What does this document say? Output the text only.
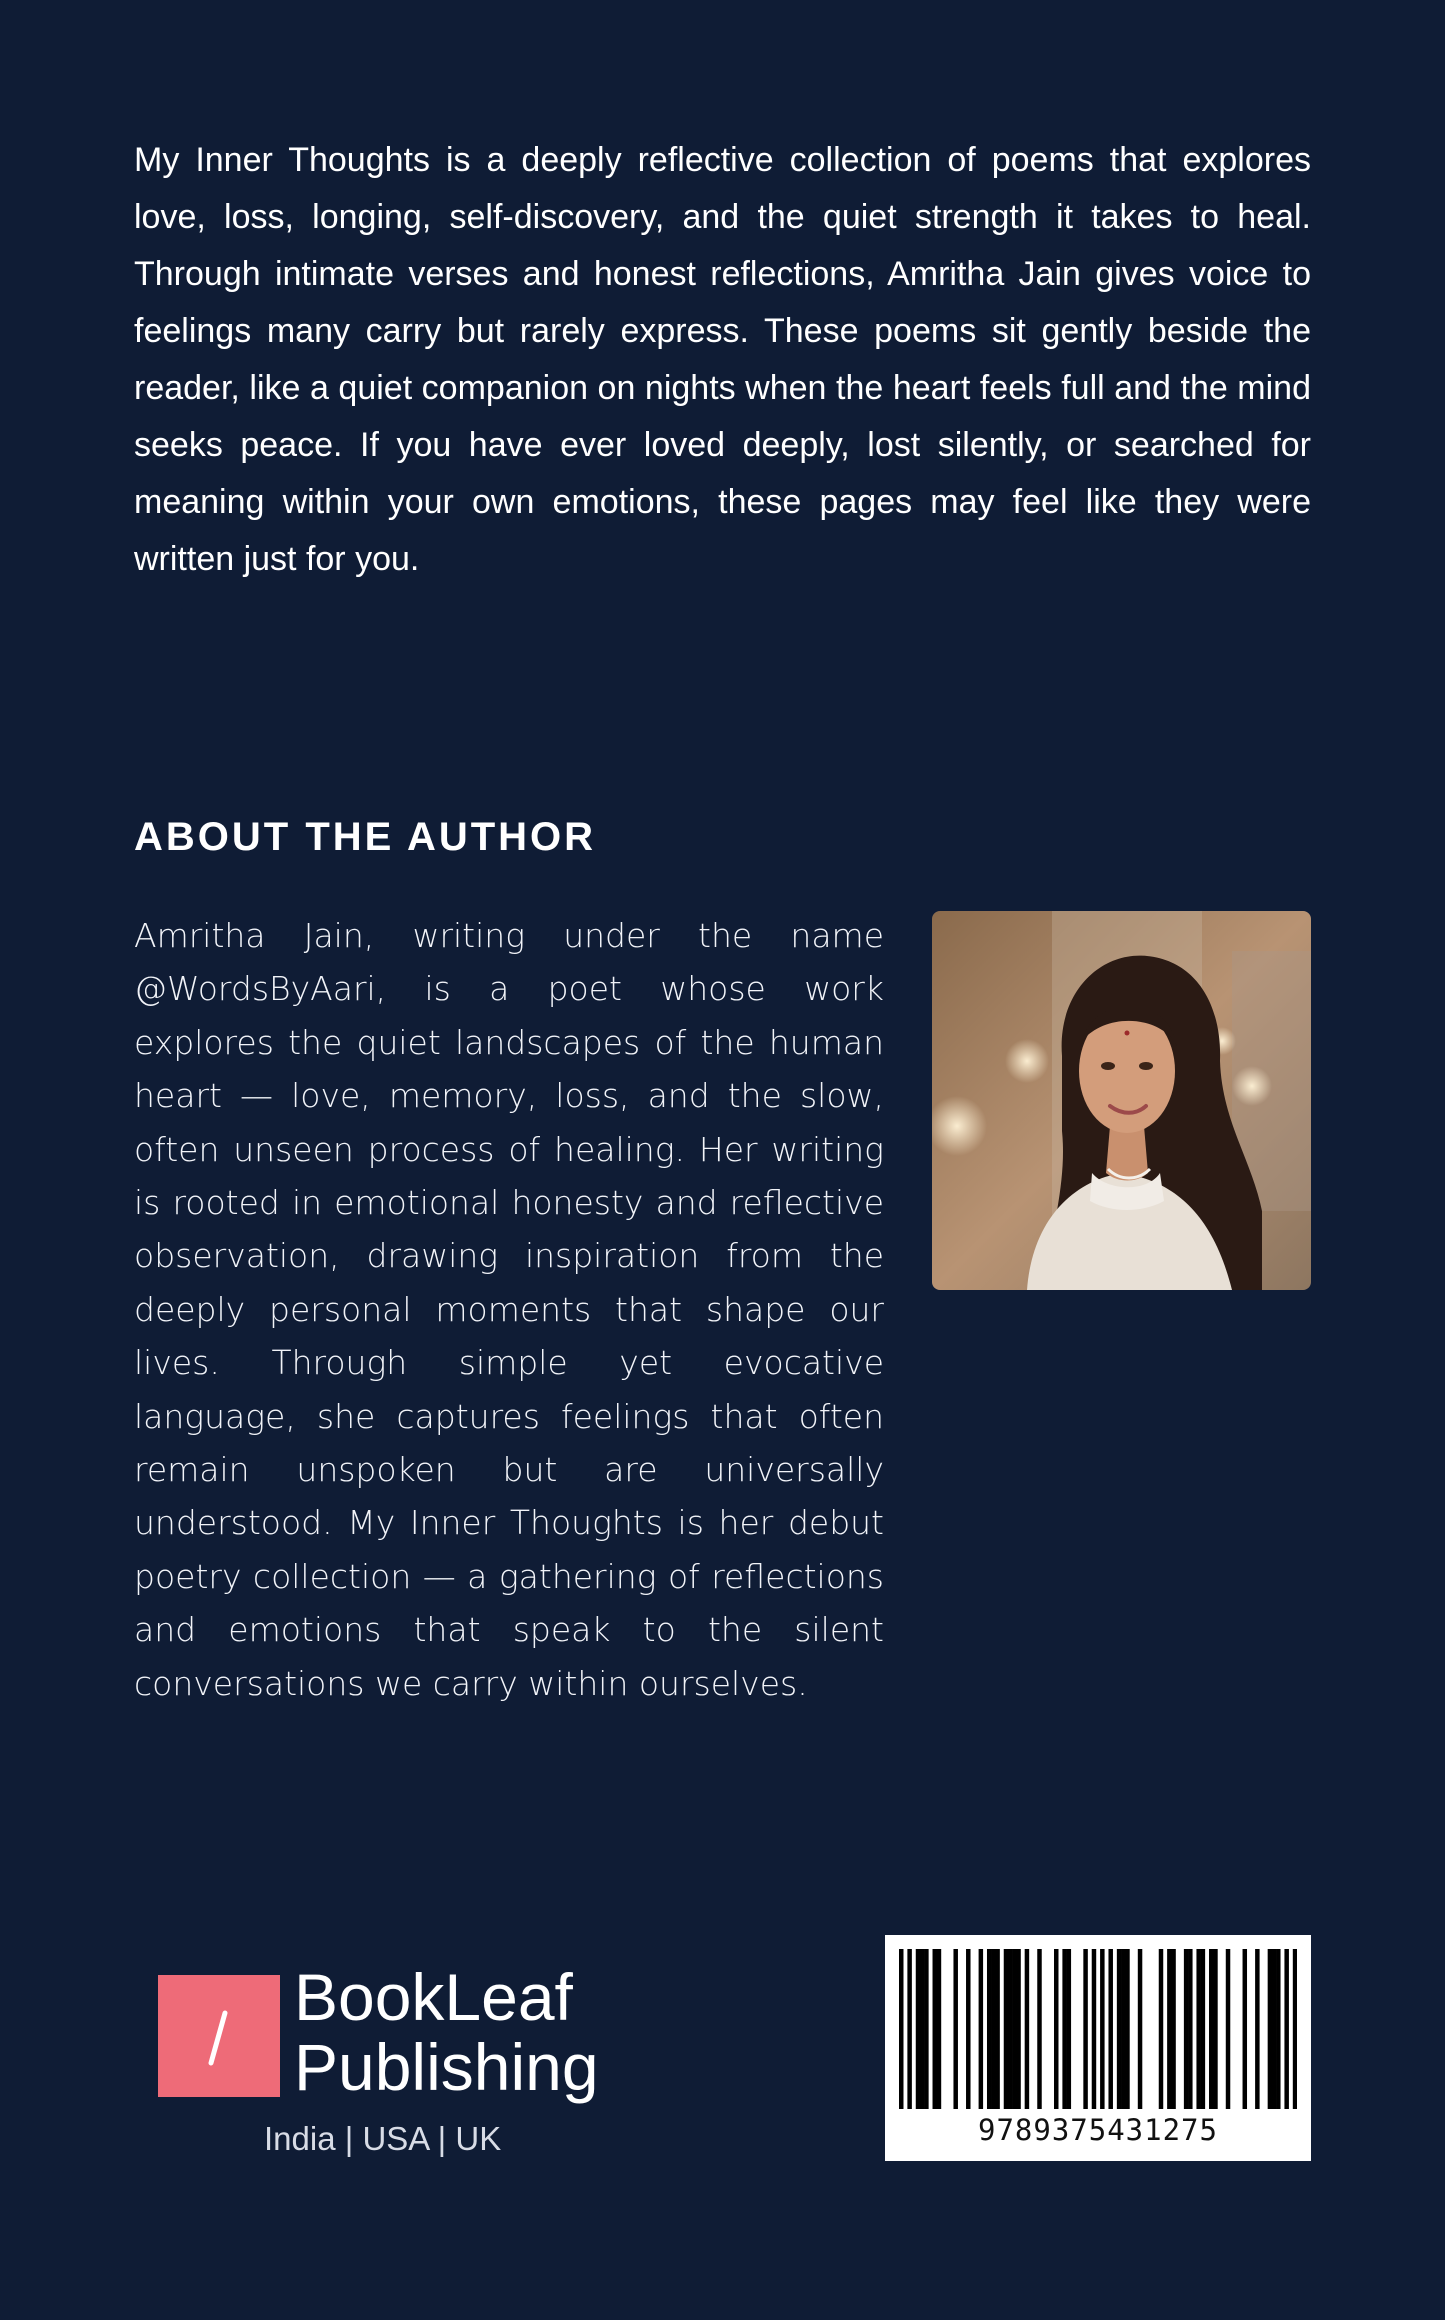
My Inner Thoughts is a deeply reflective collection of poems that explores love, loss, longing, self-discovery, and the quiet strength it takes to heal. Through intimate verses and honest reflections, Amritha Jain gives voice to feelings many carry but rarely express. These poems sit gently beside the reader, like a quiet companion on nights when the heart feels full and the mind seeks peace. If you have ever loved deeply, lost silently, or searched for meaning within your own emotions, these pages may feel like they were written just for you.

ABOUT THE AUTHOR

Amritha Jain, writing under the name @WordsByAari, is a poet whose work explores the quiet landscapes of the human heart — love, memory, loss, and the slow, often unseen process of healing. Her writing is rooted in emotional honesty and reflective observation, drawing inspiration from the deeply personal moments that shape our lives. Through simple yet evocative language, she captures feelings that often remain unspoken but are universally understood. My Inner Thoughts is her debut poetry collection — a gathering of reflections and emotions that speak to the silent conversations we carry within ourselves.

BookLeaf
Publishing
India | USA | UK	9789375431275
